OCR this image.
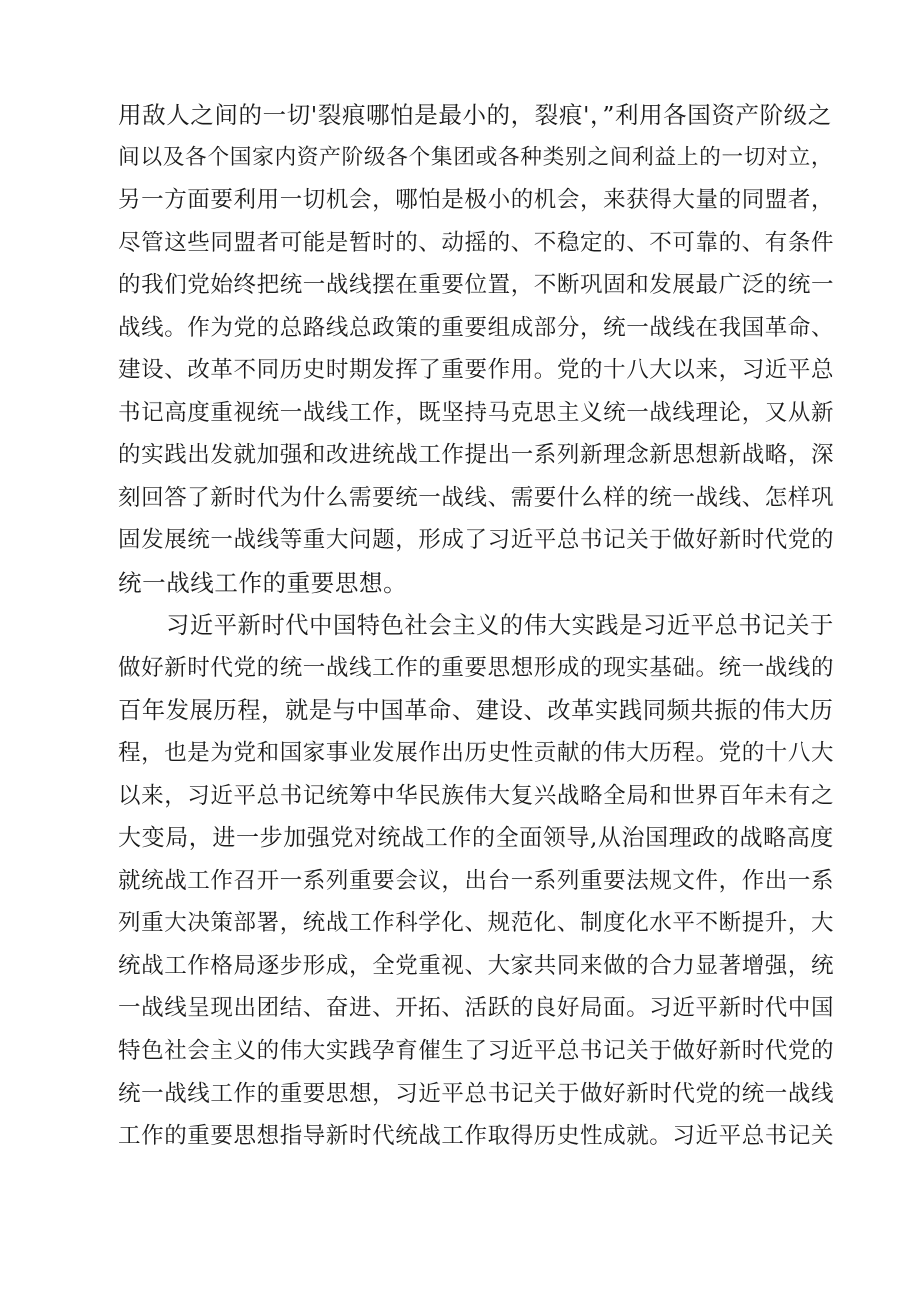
用敌人之间的一切'裂痕哪怕是最小的，裂痕'，”利用各国资产阶级之
间以及各个国家内资产阶级各个集团或各种类别之间利益上的一切对立，
另一方面要利用一切机会，哪怕是极小的机会，来获得大量的同盟者，
尽管这些同盟者可能是暂时的、动摇的、不稳定的、不可靠的、有条件
的我们党始终把统一战线摆在重要位置，不断巩固和发展最广泛的统一
战线。作为党的总路线总政策的重要组成部分，统一战线在我国革命、
建设、改革不同历史时期发挥了重要作用。党的十八大以来，习近平总
书记高度重视统一战线工作，既坚持马克思主义统一战线理论，又从新
的实践出发就加强和改进统战工作提出一系列新理念新思想新战略，深
刻回答了新时代为什么需要统一战线、需要什么样的统一战线、怎样巩
固发展统一战线等重大问题，形成了习近平总书记关于做好新时代党的
统一战线工作的重要思想。
习近平新时代中国特色社会主义的伟大实践是习近平总书记关于
做好新时代党的统一战线工作的重要思想形成的现实基础。统一战线的
百年发展历程，就是与中国革命、建设、改革实践同频共振的伟大历
程，也是为党和国家事业发展作出历史性贡献的伟大历程。党的十八大
以来，习近平总书记统筹中华民族伟大复兴战略全局和世界百年未有之
大变局，进一步加强党对统战工作的全面领导,从治国理政的战略高度
就统战工作召开一系列重要会议，出台一系列重要法规文件，作出一系
列重大决策部署，统战工作科学化、规范化、制度化水平不断提升，大
统战工作格局逐步形成，全党重视、大家共同来做的合力显著增强，统
一战线呈现出团结、奋进、开拓、活跃的良好局面。习近平新时代中国
特色社会主义的伟大实践孕育催生了习近平总书记关于做好新时代党的
统一战线工作的重要思想，习近平总书记关于做好新时代党的统一战线
工作的重要思想指导新时代统战工作取得历史性成就。习近平总书记关
